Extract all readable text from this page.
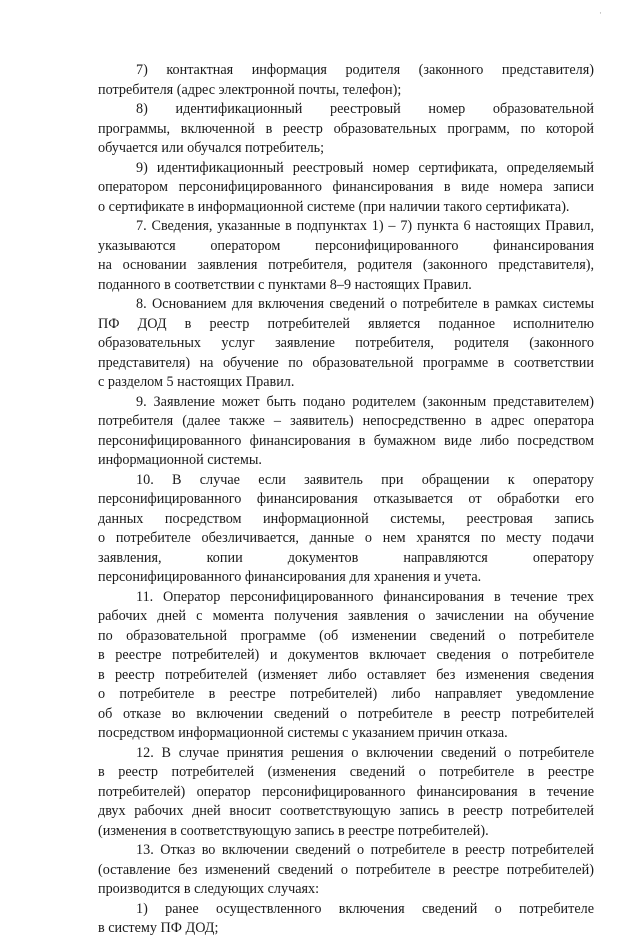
·
7) контактная информация родителя (законного представителя)
потребителя (адрес электронной почты, телефон);
8) идентификационный реестровый номер образовательной
программы, включенной в реестр образовательных программ, по которой
обучается или обучался потребитель;
9) идентификационный реестровый номер сертификата, определяемый
оператором персонифицированного финансирования в виде номера записи
о сертификате в информационной системе (при наличии такого сертификата).
7. Сведения, указанные в подпунктах 1) – 7) пункта 6 настоящих Правил,
указываются оператором персонифицированного финансирования
на основании заявления потребителя, родителя (законного представителя),
поданного в соответствии с пунктами 8–9 настоящих Правил.
8. Основанием для включения сведений о потребителе в рамках системы
ПФ ДОД в реестр потребителей является поданное исполнителю
образовательных услуг заявление потребителя, родителя (законного
представителя) на обучение по образовательной программе в соответствии
с разделом 5 настоящих Правил.
9. Заявление может быть подано родителем (законным представителем)
потребителя (далее также – заявитель) непосредственно в адрес оператора
персонифицированного финансирования в бумажном виде либо посредством
информационной системы.
10. В случае если заявитель при обращении к оператору
персонифицированного финансирования отказывается от обработки его
данных посредством информационной системы, реестровая запись
о потребителе обезличивается, данные о нем хранятся по месту подачи
заявления, копии документов направляются оператору
персонифицированного финансирования для хранения и учета.
11. Оператор персонифицированного финансирования в течение трех
рабочих дней с момента получения заявления о зачислении на обучение
по образовательной программе (об изменении сведений о потребителе
в реестре потребителей) и документов включает сведения о потребителе
в реестр потребителей (изменяет либо оставляет без изменения сведения
о потребителе в реестре потребителей) либо направляет уведомление
об отказе во включении сведений о потребителе в реестр потребителей
посредством информационной системы с указанием причин отказа.
12. В случае принятия решения о включении сведений о потребителе
в реестр потребителей (изменения сведений о потребителе в реестре
потребителей) оператор персонифицированного финансирования в течение
двух рабочих дней вносит соответствующую запись в реестр потребителей
(изменения в соответствующую запись в реестре потребителей).
13. Отказ во включении сведений о потребителе в реестр потребителей
(оставление без изменений сведений о потребителе в реестре потребителей)
производится в следующих случаях:
1) ранее осуществленного включения сведений о потребителе
в систему ПФ ДОД;
